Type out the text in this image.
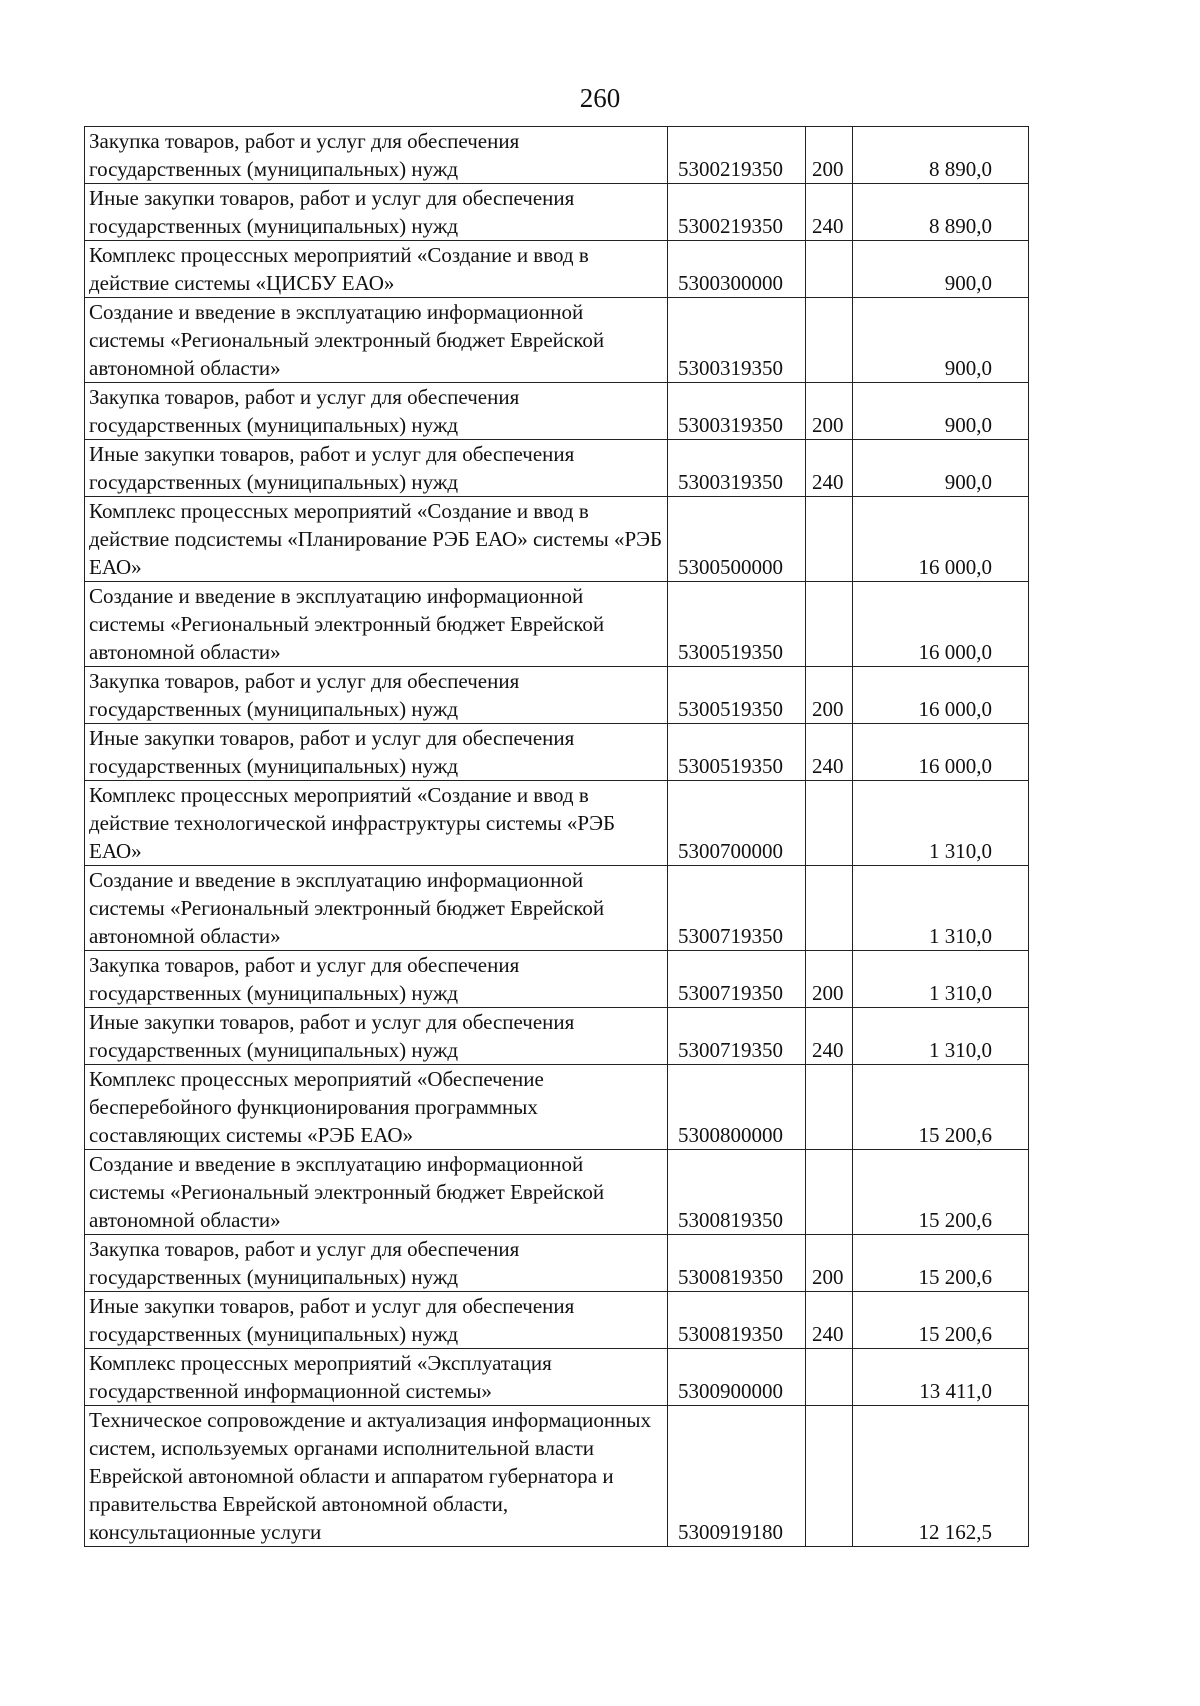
260
Закупка товаров, работ и услуг для обеспечения государственных (муниципальных) нужд	5300219350	200	8 890,0
Иные закупки товаров, работ и услуг для обеспечения государственных (муниципальных) нужд	5300219350	240	8 890,0
Комплекс процессных мероприятий «Создание и ввод в действие системы «ЦИСБУ ЕАО»	5300300000		900,0
Создание и введение в эксплуатацию информационной системы «Региональный электронный бюджет Еврейской автономной области»	5300319350		900,0
Закупка товаров, работ и услуг для обеспечения государственных (муниципальных) нужд	5300319350	200	900,0
Иные закупки товаров, работ и услуг для обеспечения государственных (муниципальных) нужд	5300319350	240	900,0
Комплекс процессных мероприятий «Создание и ввод в действие подсистемы «Планирование РЭБ ЕАО» системы «РЭБ ЕАО»	5300500000		16 000,0
Создание и введение в эксплуатацию информационной системы «Региональный электронный бюджет Еврейской автономной области»	5300519350		16 000,0
Закупка товаров, работ и услуг для обеспечения государственных (муниципальных) нужд	5300519350	200	16 000,0
Иные закупки товаров, работ и услуг для обеспечения государственных (муниципальных) нужд	5300519350	240	16 000,0
Комплекс процессных мероприятий «Создание и ввод в действие технологической инфраструктуры системы «РЭБ ЕАО»	5300700000		1 310,0
Создание и введение в эксплуатацию информационной системы «Региональный электронный бюджет Еврейской автономной области»	5300719350		1 310,0
Закупка товаров, работ и услуг для обеспечения государственных (муниципальных) нужд	5300719350	200	1 310,0
Иные закупки товаров, работ и услуг для обеспечения государственных (муниципальных) нужд	5300719350	240	1 310,0
Комплекс процессных мероприятий «Обеспечение бесперебойного функционирования программных составляющих системы «РЭБ ЕАО»	5300800000		15 200,6
Создание и введение в эксплуатацию информационной системы «Региональный электронный бюджет Еврейской автономной области»	5300819350		15 200,6
Закупка товаров, работ и услуг для обеспечения государственных (муниципальных) нужд	5300819350	200	15 200,6
Иные закупки товаров, работ и услуг для обеспечения государственных (муниципальных) нужд	5300819350	240	15 200,6
Комплекс процессных мероприятий «Эксплуатация государственной информационной системы»	5300900000		13 411,0
Техническое сопровождение и актуализация информационных систем, используемых органами исполнительной власти Еврейской автономной области и аппаратом губернатора и правительства Еврейской автономной области, консультационные услуги	5300919180		12 162,5
